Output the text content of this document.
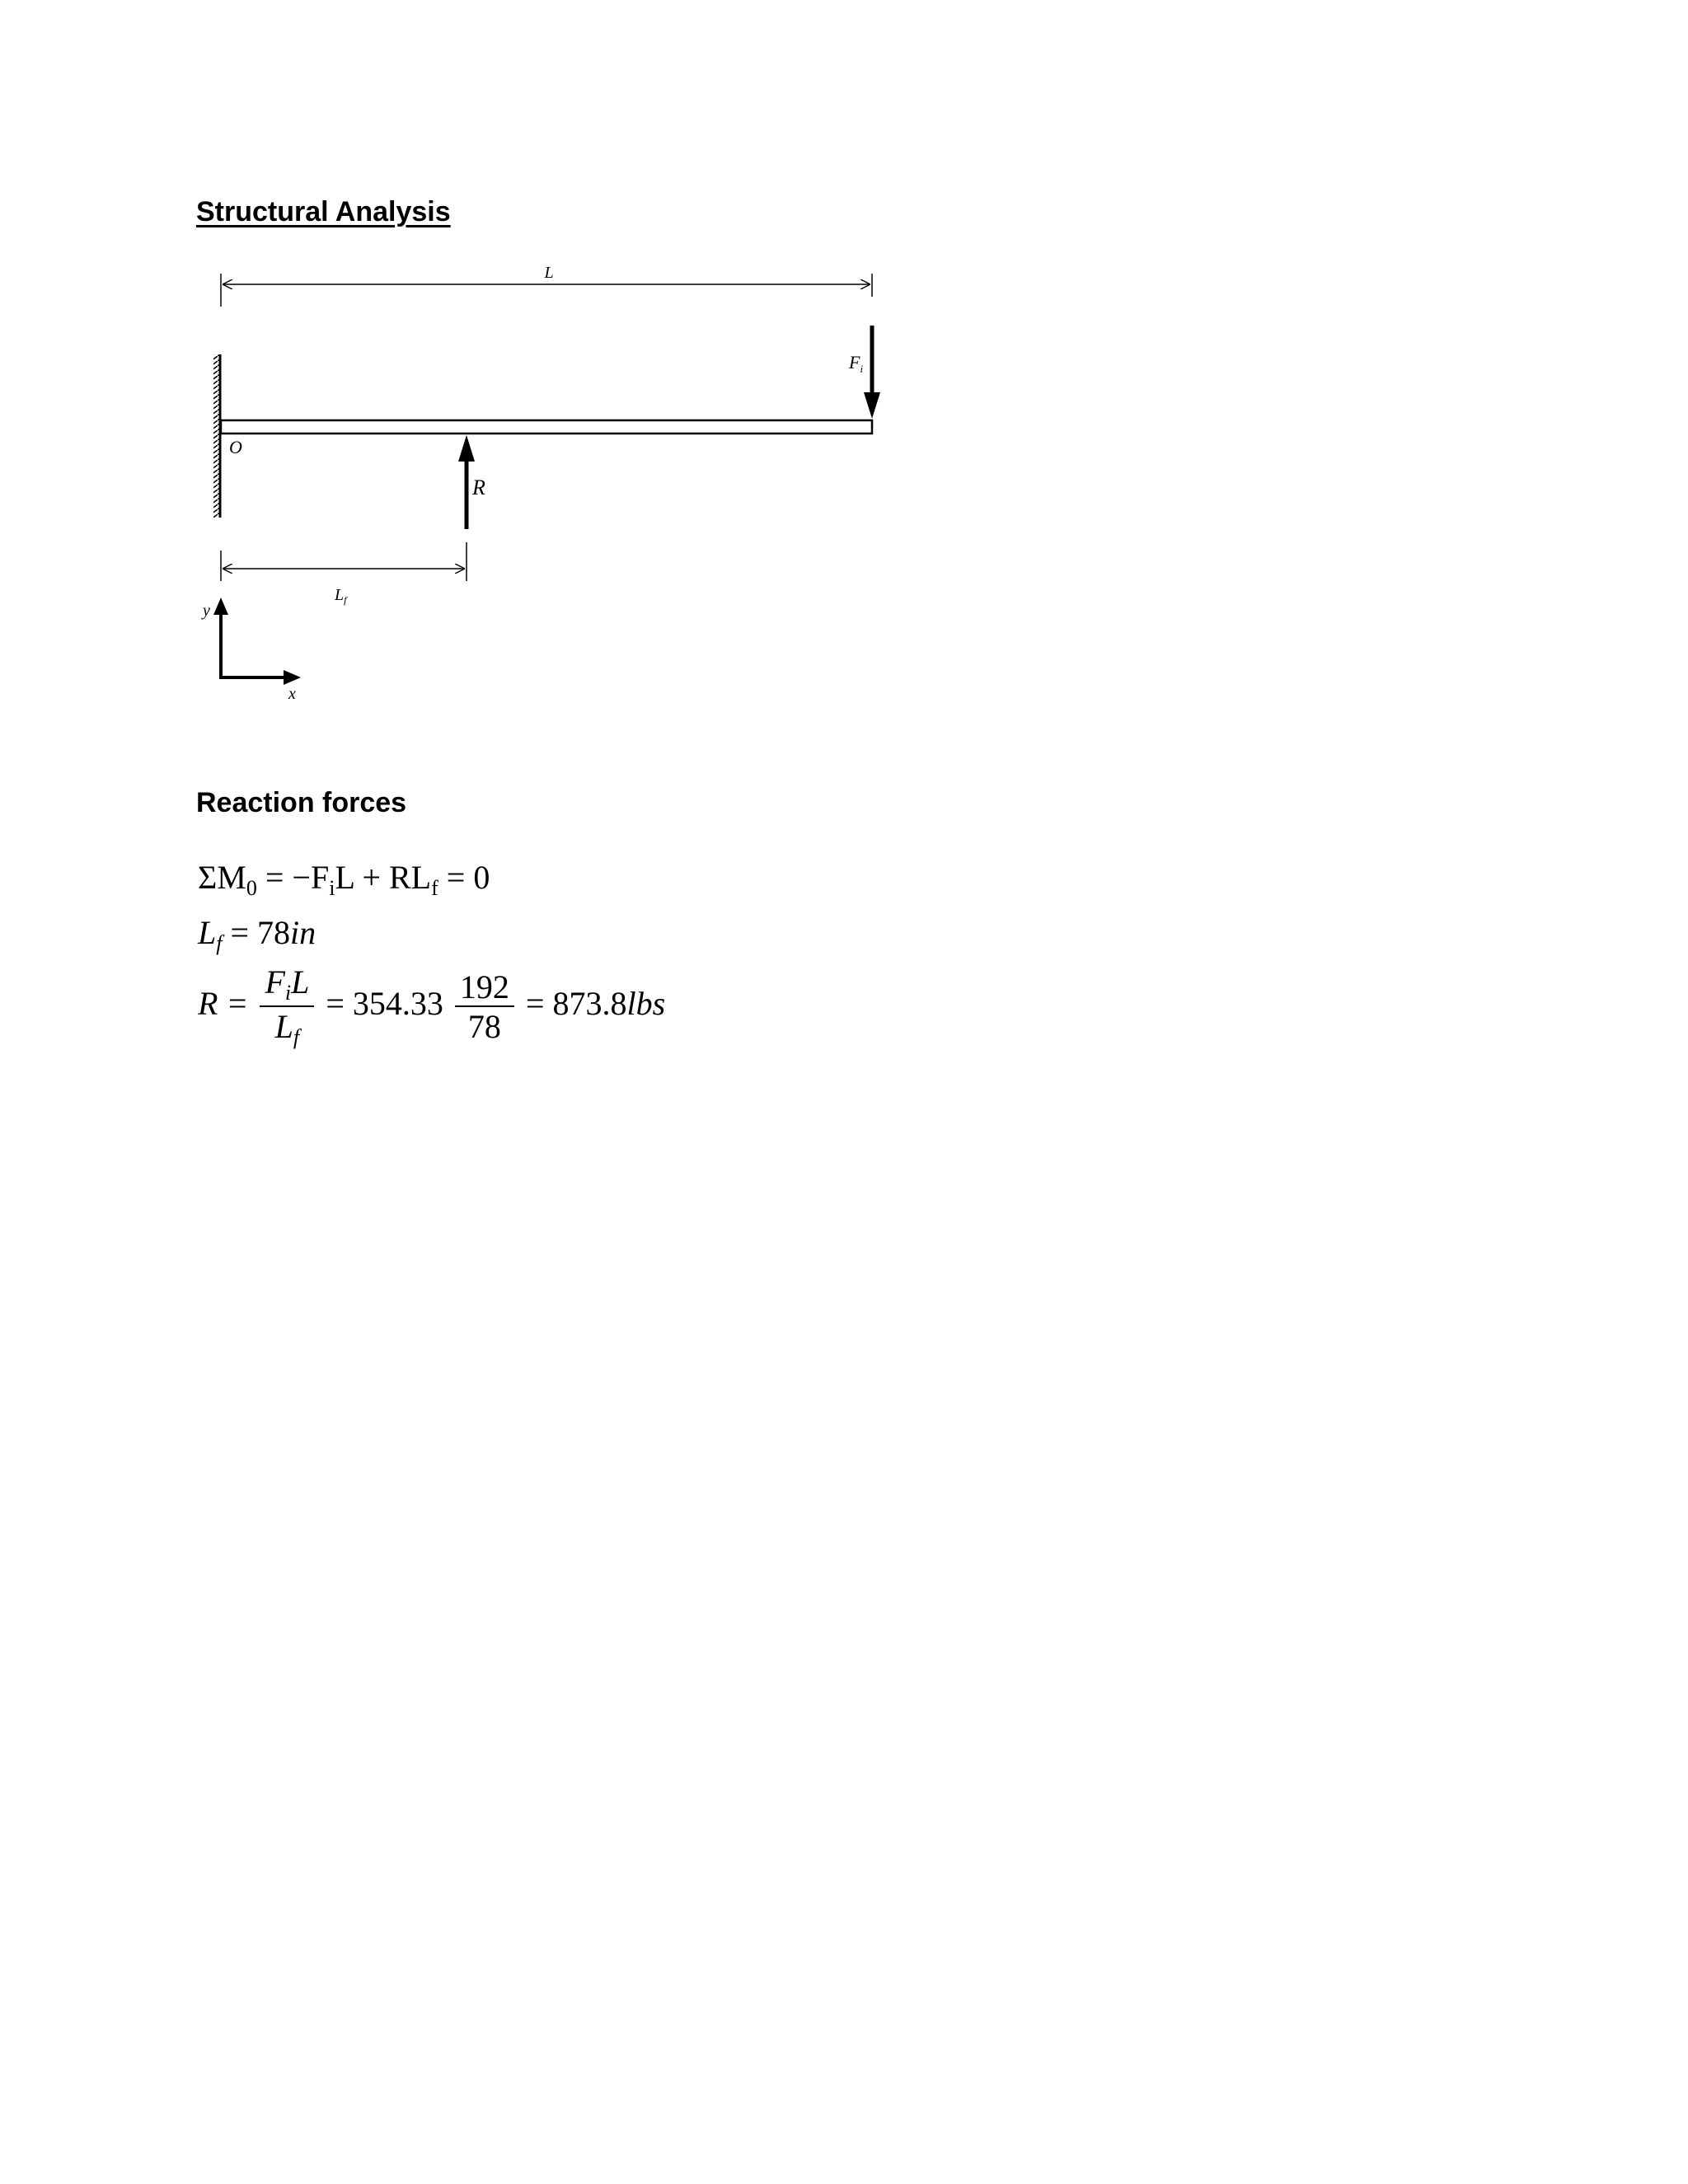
Structural Analysis
L
$F_i$
R
O
$L_f$
y
x
Reaction forces
$\Sigma M_0 = -F_iL + RL_f = 0$
$L_f = 78in$
$R = \frac{F_iL}{L_f} = 354.33 \frac{192}{78} = 873.8lbs$
